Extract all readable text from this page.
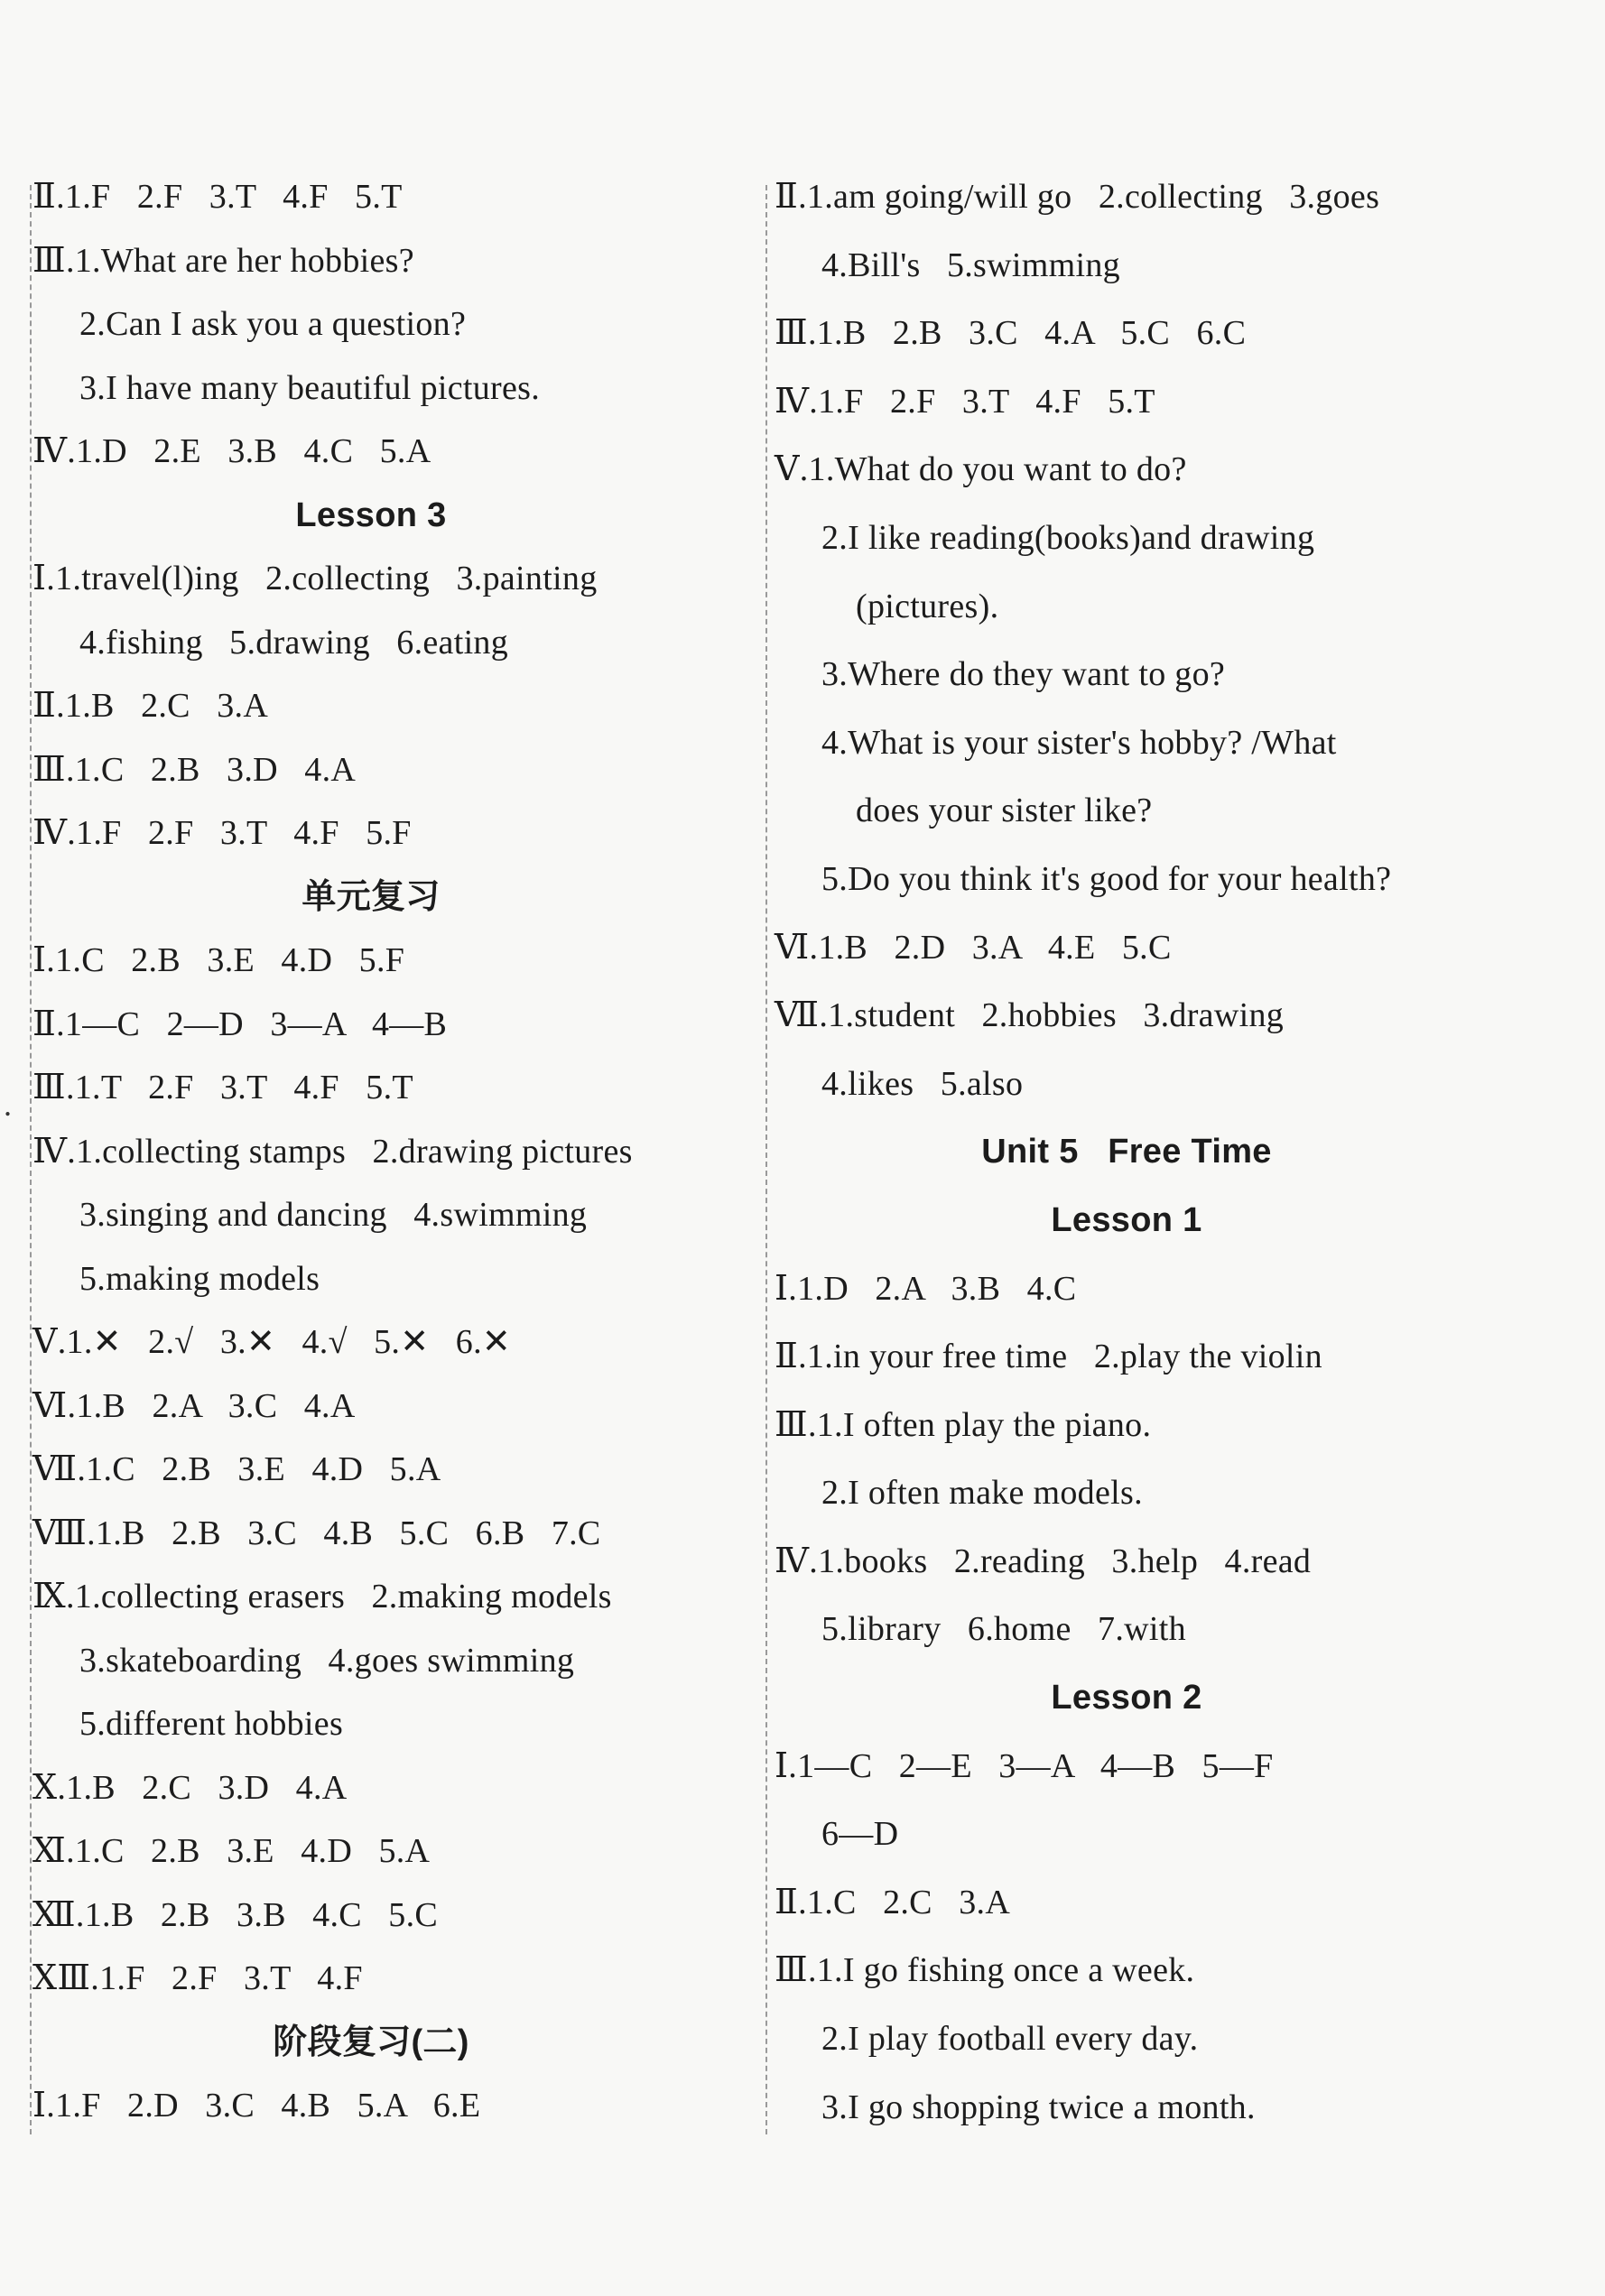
.
Ⅱ.1.F   2.F   3.T   4.F   5.T
Ⅲ.1.What are her hobbies?
2.Can I ask you a question?
3.I have many beautiful pictures.
Ⅳ.1.D   2.E   3.B   4.C   5.A
Lesson 3
Ⅰ.1.travel(l)ing   2.collecting   3.painting
4.fishing   5.drawing   6.eating
Ⅱ.1.B   2.C   3.A
Ⅲ.1.C   2.B   3.D   4.A
Ⅳ.1.F   2.F   3.T   4.F   5.F
单元复习
Ⅰ.1.C   2.B   3.E   4.D   5.F
Ⅱ.1—C   2—D   3—A   4—B
Ⅲ.1.T   2.F   3.T   4.F   5.T
Ⅳ.1.collecting stamps   2.drawing pictures
3.singing and dancing   4.swimming
5.making models
Ⅴ.1.✕   2.√   3.✕   4.√   5.✕   6.✕
Ⅵ.1.B   2.A   3.C   4.A
Ⅶ.1.C   2.B   3.E   4.D   5.A
Ⅷ.1.B   2.B   3.C   4.B   5.C   6.B   7.C
Ⅸ.1.collecting erasers   2.making models
3.skateboarding   4.goes swimming
5.different hobbies
Ⅹ.1.B   2.C   3.D   4.A
Ⅺ.1.C   2.B   3.E   4.D   5.A
Ⅻ.1.B   2.B   3.B   4.C   5.C
ⅩⅢ.1.F   2.F   3.T   4.F
阶段复习(二)
Ⅰ.1.F   2.D   3.C   4.B   5.A   6.E
Ⅱ.1.am going/will go   2.collecting   3.goes
4.Bill's   5.swimming
Ⅲ.1.B   2.B   3.C   4.A   5.C   6.C
Ⅳ.1.F   2.F   3.T   4.F   5.T
Ⅴ.1.What do you want to do?
2.I like reading(books)and drawing
(pictures).
3.Where do they want to go?
4.What is your sister's hobby? /What
does your sister like?
5.Do you think it's good for your health?
Ⅵ.1.B   2.D   3.A   4.E   5.C
Ⅶ.1.student   2.hobbies   3.drawing
4.likes   5.also
Unit 5   Free Time
Lesson 1
Ⅰ.1.D   2.A   3.B   4.C
Ⅱ.1.in your free time   2.play the violin
Ⅲ.1.I often play the piano.
2.I often make models.
Ⅳ.1.books   2.reading   3.help   4.read
5.library   6.home   7.with
Lesson 2
Ⅰ.1—C   2—E   3—A   4—B   5—F
6—D
Ⅱ.1.C   2.C   3.A
Ⅲ.1.I go fishing once a week.
2.I play football every day.
3.I go shopping twice a month.
